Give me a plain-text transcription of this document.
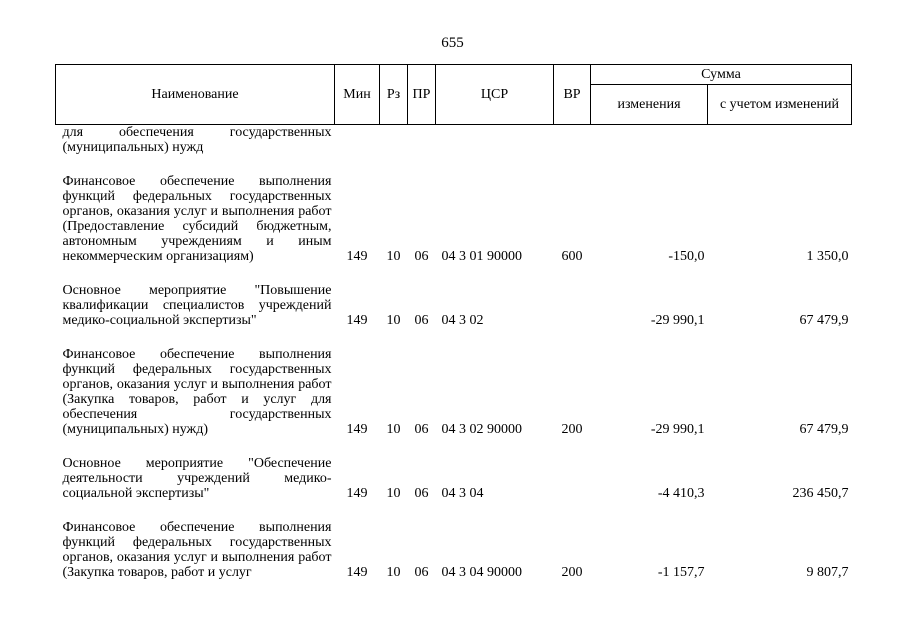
655
Наименование	Мин	Рз	ПР	ЦСР	ВР	Сумма	
						изменения	с учетом изменений
для обеспечения государственных (муниципальных) нужд							

Финансовое обеспечение выполнения функций федеральных государственных органов, оказания услуг и выполнения работ (Предоставление субсидий бюджетным, автономным учреждениям и иным некоммерческим организациям)	149	10	06	04 3 01 90000	600	-150,0	1 350,0

Основное мероприятие "Повышение квалификации специалистов учреждений медико-социальной экспертизы"	149	10	06	04 3 02		-29 990,1	67 479,9

Финансовое обеспечение выполнения функций федеральных государственных органов, оказания услуг и выполнения работ (Закупка товаров, работ и услуг для обеспечения государственных (муниципальных) нужд)	149	10	06	04 3 02 90000	200	-29 990,1	67 479,9

Основное мероприятие "Обеспечение деятельности учреждений медико-социальной экспертизы"	149	10	06	04 3 04		-4 410,3	236 450,7

Финансовое обеспечение выполнения функций федеральных государственных органов, оказания услуг и выполнения работ (Закупка товаров, работ и услуг	149	10	06	04 3 04 90000	200	-1 157,7	9 807,7
